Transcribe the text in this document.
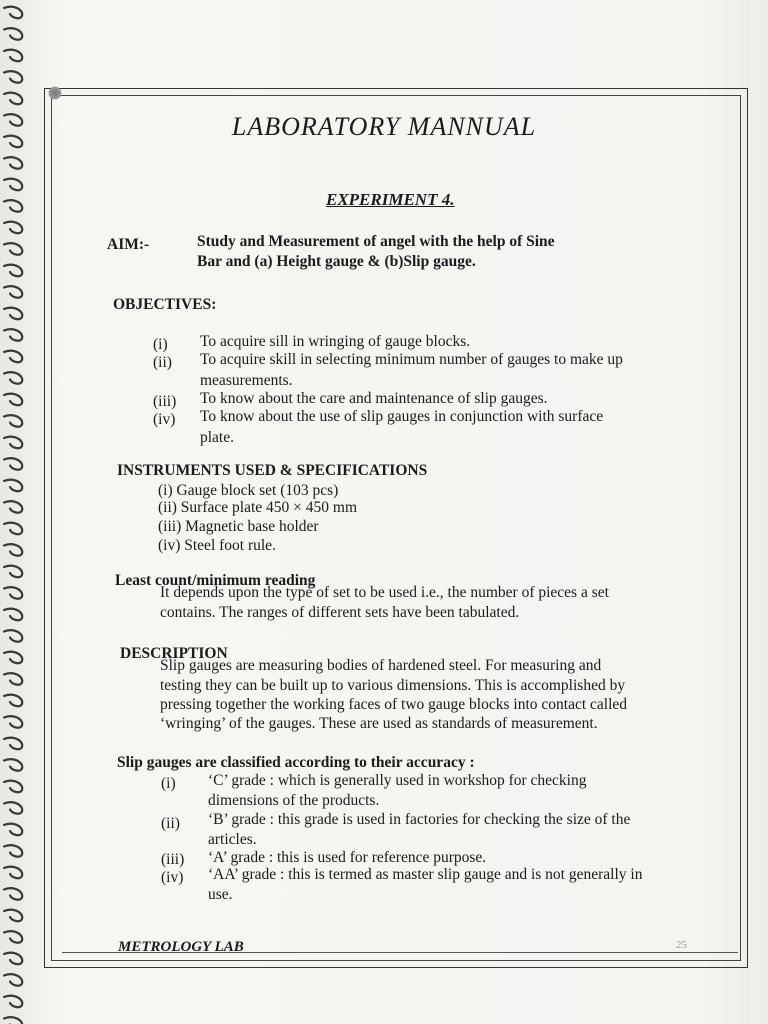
LABORATORY MANNUAL
EXPERIMENT 4.
AIM:-	Study and Measurement of angel with the help of Sine
Bar and (a) Height gauge & (b)Slip gauge.
OBJECTIVES:
(i) To acquire sill in wringing of gauge blocks.
(ii) To acquire skill in selecting minimum number of gauges to make up
measurements.
(iii) To know about the care and maintenance of slip gauges.
(iv) To know about the use of slip gauges in conjunction with surface
plate.
INSTRUMENTS USED & SPECIFICATIONS
(i) Gauge block set (103 pcs)
(ii) Surface plate 450 × 450 mm
(iii) Magnetic base holder
(iv) Steel foot rule.
Least count/minimum reading
It depends upon the type of set to be used i.e., the number of pieces a set
contains. The ranges of different sets have been tabulated.
DESCRIPTION
Slip gauges are measuring bodies of hardened steel. For measuring and
testing they can be built up to various dimensions. This is accomplished by
pressing together the working faces of two gauge blocks into contact called
‘wringing’ of the gauges. These are used as standards of measurement.
Slip gauges are classified according to their accuracy :
(i) ‘C’ grade : which is generally used in workshop for checking
dimensions of the products.
(ii) ‘B’ grade : this grade is used in factories for checking the size of the
articles.
(iii) ‘A’ grade : this is used for reference purpose.
(iv) ‘AA’ grade : this is termed as master slip gauge and is not generally in
use.
METROLOGY LAB	25
